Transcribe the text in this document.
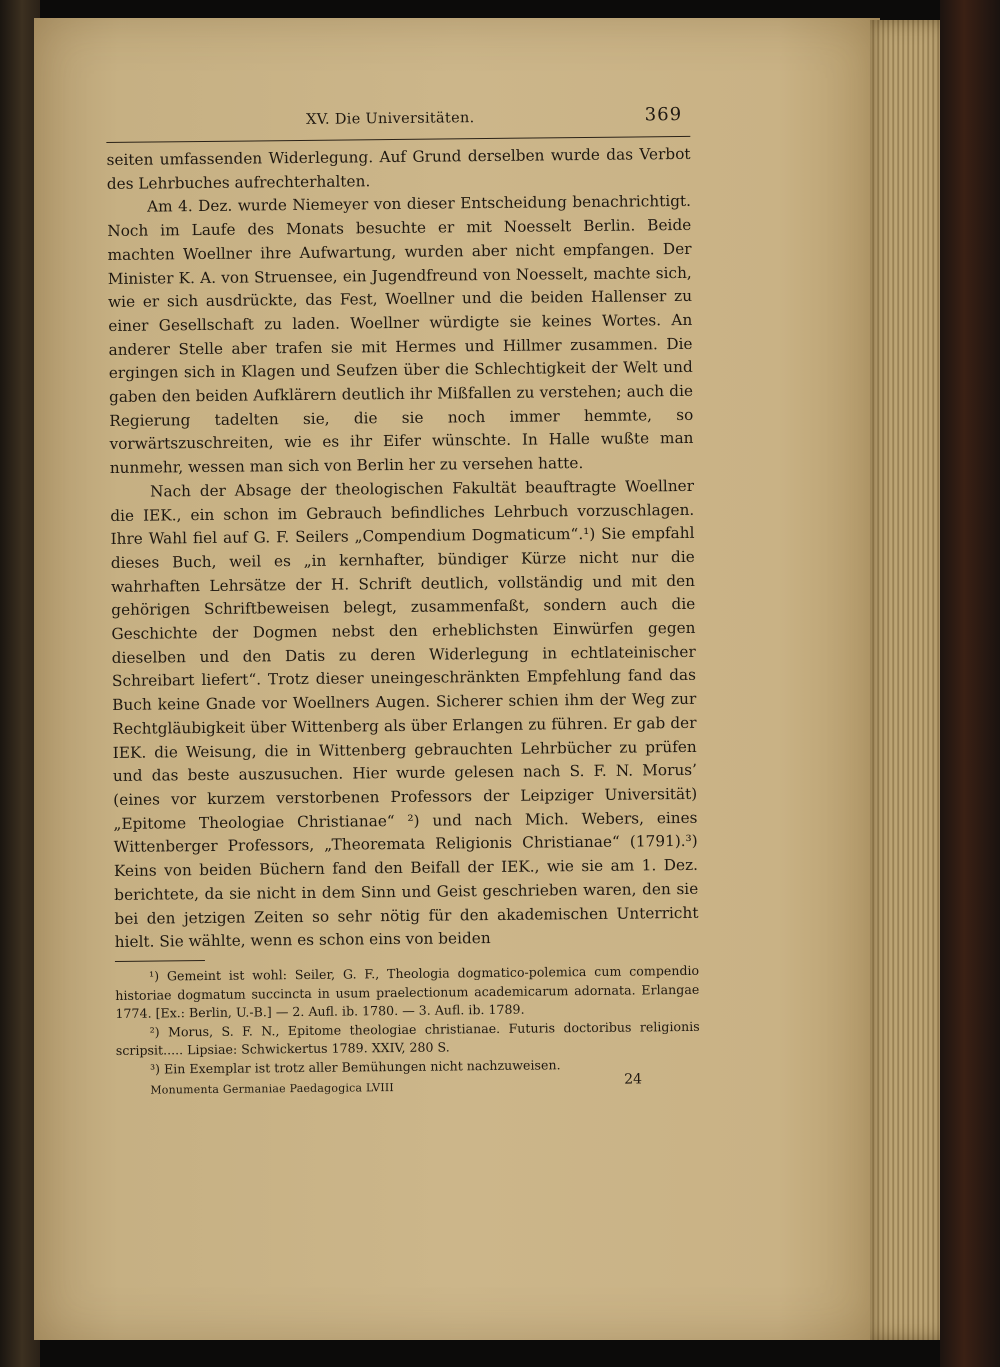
XV. Die Universitäten.	369

seiten umfassenden Widerlegung. Auf Grund derselben wurde das Verbot des Lehrbuches aufrechterhalten.

Am 4. Dez. wurde Niemeyer von dieser Entscheidung benachrichtigt. Noch im Laufe des Monats besuchte er mit Noesselt Berlin. Beide machten Woellner ihre Aufwartung, wurden aber nicht empfangen. Der Minister K. A. von Struensee, ein Jugendfreund von Noesselt, machte sich, wie er sich ausdrückte, das Fest, Woellner und die beiden Hallenser zu einer Gesellschaft zu laden. Woellner würdigte sie keines Wortes. An anderer Stelle aber trafen sie mit Hermes und Hillmer zusammen. Die ergingen sich in Klagen und Seufzen über die Schlechtigkeit der Welt und gaben den beiden Aufklärern deutlich ihr Mißfallen zu verstehen; auch die Regierung tadelten sie, die sie noch immer hemmte, so vorwärtszuschreiten, wie es ihr Eifer wünschte. In Halle wußte man nunmehr, wessen man sich von Berlin her zu versehen hatte.

Nach der Absage der theologischen Fakultät beauftragte Woellner die IEK., ein schon im Gebrauch befindliches Lehrbuch vorzuschlagen. Ihre Wahl fiel auf G. F. Seilers „Compendium Dogmaticum“.¹) Sie empfahl dieses Buch, weil es „in kernhafter, bündiger Kürze nicht nur die wahrhaften Lehrsätze der H. Schrift deutlich, vollständig und mit den gehörigen Schriftbeweisen belegt, zusammenfaßt, sondern auch die Geschichte der Dogmen nebst den erheblichsten Einwürfen gegen dieselben und den Datis zu deren Widerlegung in echtlateinischer Schreibart liefert“. Trotz dieser uneingeschränkten Empfehlung fand das Buch keine Gnade vor Woellners Augen. Sicherer schien ihm der Weg zur Rechtgläubigkeit über Wittenberg als über Erlangen zu führen. Er gab der IEK. die Weisung, die in Wittenberg gebrauchten Lehrbücher zu prüfen und das beste auszusuchen. Hier wurde gelesen nach S. F. N. Morus’ (eines vor kurzem verstorbenen Professors der Leipziger Universität) „Epitome Theologiae Christianae“ ²) und nach Mich. Webers, eines Wittenberger Professors, „Theoremata Religionis Christianae“ (1791).³) Keins von beiden Büchern fand den Beifall der IEK., wie sie am 1. Dez. berichtete, da sie nicht in dem Sinn und Geist geschrieben waren, den sie bei den jetzigen Zeiten so sehr nötig für den akademischen Unterricht hielt. Sie wählte, wenn es schon eins von beiden

¹) Gemeint ist wohl: Seiler, G. F., Theologia dogmatico-polemica cum compendio historiae dogmatum succincta in usum praelectionum academicarum adornata. Erlangae 1774. [Ex.: Berlin, U.-B.] — 2. Aufl. ib. 1780. — 3. Aufl. ib. 1789.

²) Morus, S. F. N., Epitome theologiae christianae. Futuris doctoribus religionis scripsit..... Lipsiae: Schwickertus 1789. XXIV, 280 S.

³) Ein Exemplar ist trotz aller Bemühungen nicht nachzuweisen.

Monumenta Germaniae Paedagogica LVIII
24
